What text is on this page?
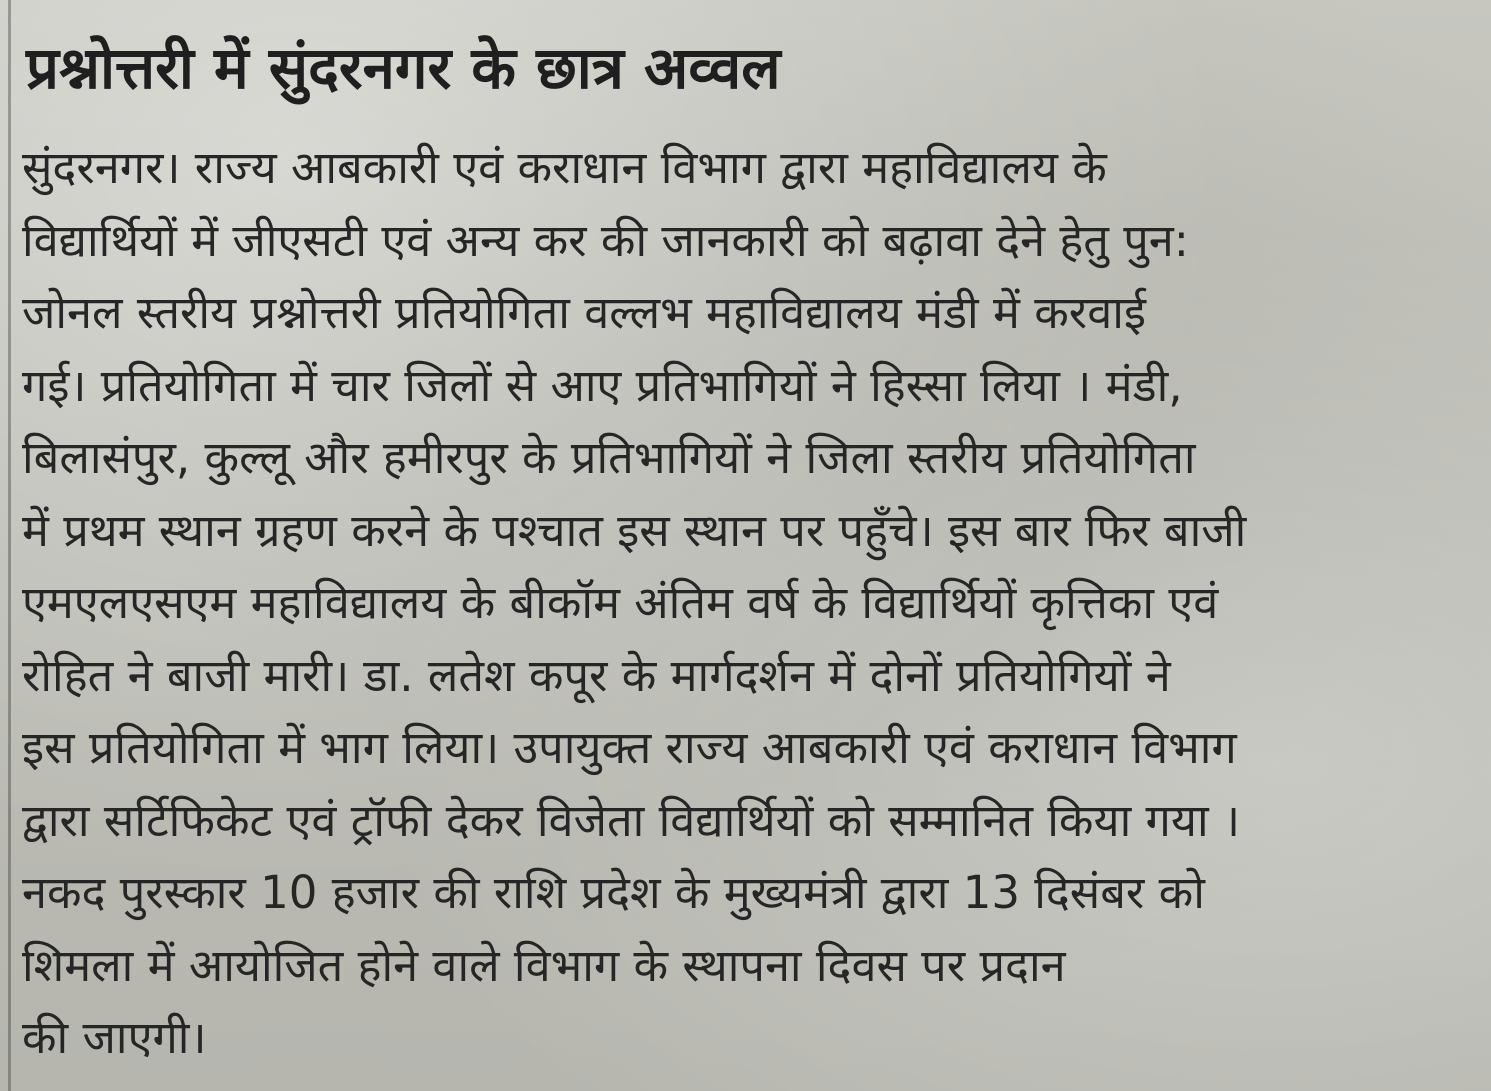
प्रश्नोत्तरी में सुंदरनगर के छात्र अव्वल
सुंदरनगर। राज्य आबकारी एवं कराधान विभाग द्वारा महाविद्यालय के
विद्यार्थियों में जीएसटी एवं अन्य कर की जानकारी को बढ़ावा देने हेतु पुन:
जोनल स्तरीय प्रश्नोत्तरी प्रतियोगिता वल्लभ महाविद्यालय मंडी में करवाई
गई। प्रतियोगिता में चार जिलों से आए प्रतिभागियों ने हिस्सा लिया । मंडी,
बिलासंपुर, कुल्लू और हमीरपुर के प्रतिभागियों ने जिला स्तरीय प्रतियोगिता
में प्रथम स्थान ग्रहण करने के पश्चात इस स्थान पर पहुँचे। इस बार फिर बाजी
एमएलएसएम महाविद्यालय के बीकॉम अंतिम वर्ष के विद्यार्थियों कृत्तिका एवं
रोहित ने बाजी मारी। डा. लतेश कपूर के मार्गदर्शन में दोनों प्रतियोगियों ने
इस प्रतियोगिता में भाग लिया। उपायुक्त राज्य आबकारी एवं कराधान विभाग
द्वारा सर्टिफिकेट एवं ट्रॉफी देकर विजेता विद्यार्थियों को सम्मानित किया गया ।
नकद पुरस्कार 10 हजार की राशि प्रदेश के मुख्यमंत्री द्वारा 13 दिसंबर को
शिमला में आयोजित होने वाले विभाग के स्थापना दिवस पर प्रदान
की जाएगी।
